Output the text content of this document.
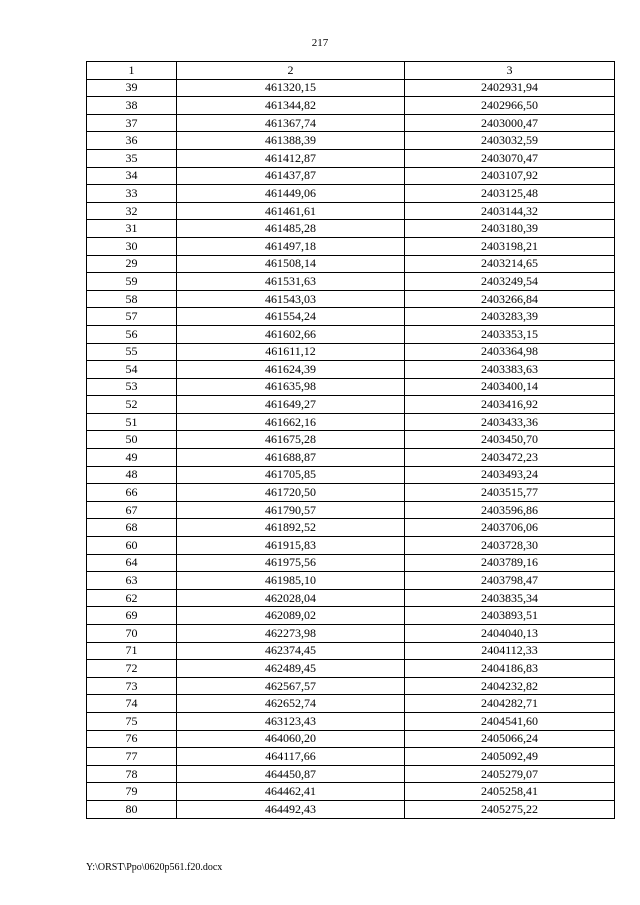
217
1	2	3
39	461320,15	2402931,94
38	461344,82	2402966,50
37	461367,74	2403000,47
36	461388,39	2403032,59
35	461412,87	2403070,47
34	461437,87	2403107,92
33	461449,06	2403125,48
32	461461,61	2403144,32
31	461485,28	2403180,39
30	461497,18	2403198,21
29	461508,14	2403214,65
59	461531,63	2403249,54
58	461543,03	2403266,84
57	461554,24	2403283,39
56	461602,66	2403353,15
55	461611,12	2403364,98
54	461624,39	2403383,63
53	461635,98	2403400,14
52	461649,27	2403416,92
51	461662,16	2403433,36
50	461675,28	2403450,70
49	461688,87	2403472,23
48	461705,85	2403493,24
66	461720,50	2403515,77
67	461790,57	2403596,86
68	461892,52	2403706,06
60	461915,83	2403728,30
64	461975,56	2403789,16
63	461985,10	2403798,47
62	462028,04	2403835,34
69	462089,02	2403893,51
70	462273,98	2404040,13
71	462374,45	2404112,33
72	462489,45	2404186,83
73	462567,57	2404232,82
74	462652,74	2404282,71
75	463123,43	2404541,60
76	464060,20	2405066,24
77	464117,66	2405092,49
78	464450,87	2405279,07
79	464462,41	2405258,41
80	464492,43	2405275,22
Y:\ORST\Ppo\0620p561.f20.docx
